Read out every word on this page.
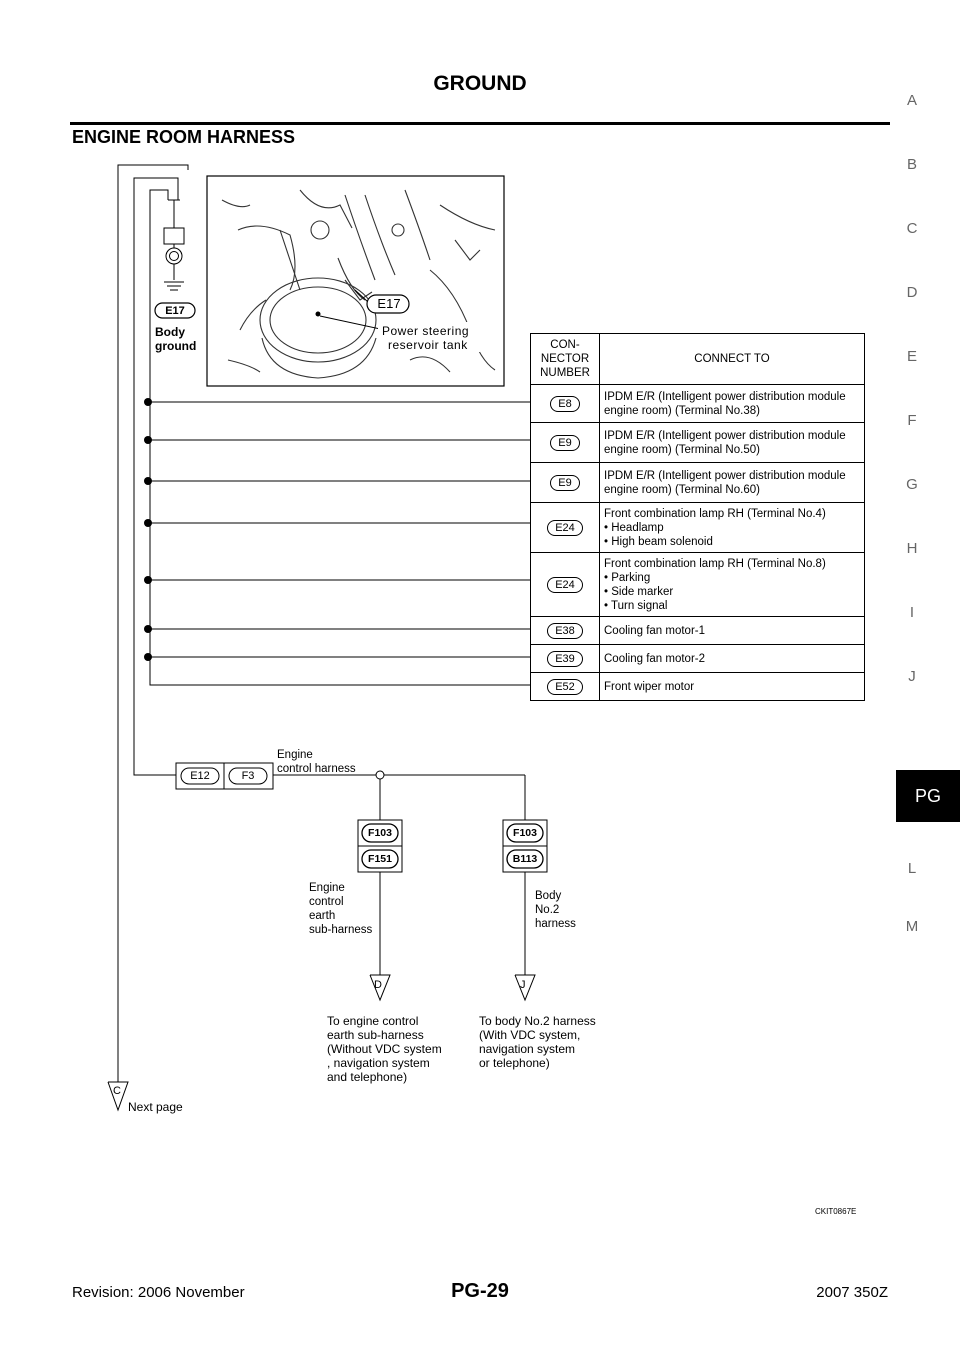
GROUND
ENGINE ROOM HARNESS
A
B
C
D
E
F
G
H
I
J
PG
L
M
E17
Power steering
reservoir tank
E17
Body
ground	CON-
NECTOR
NUMBER	CONNECT TO
E8	IPDM E/R (Intelligent power distribution module
engine room) (Terminal No.38)

E9	IPDM E/R (Intelligent power distribution module
engine room) (Terminal No.50)

E9	IPDM E/R (Intelligent power distribution module
engine room) (Terminal No.60)

E24	Front combination lamp RH (Terminal No.4)
• Headlamp
• High beam solenoid

E24	Front combination lamp RH (Terminal No.8)
• Parking
• Side marker
• Turn signal

E38	Cooling fan motor-1

E39	Cooling fan motor-2

E52	Front wiper motor
E12	F3
Engine
control harness
F103
F151
Engine
control
earth
sub-harness
D
To engine control
earth sub-harness
(Without VDC system
, navigation system
and telephone)
F103
B113
Body
No.2
harness
J
To body No.2 harness
(With VDC system,
navigation system
or telephone)
C
Next page
CKIT0867E
Revision: 2006 November	PG-29	2007 350Z
